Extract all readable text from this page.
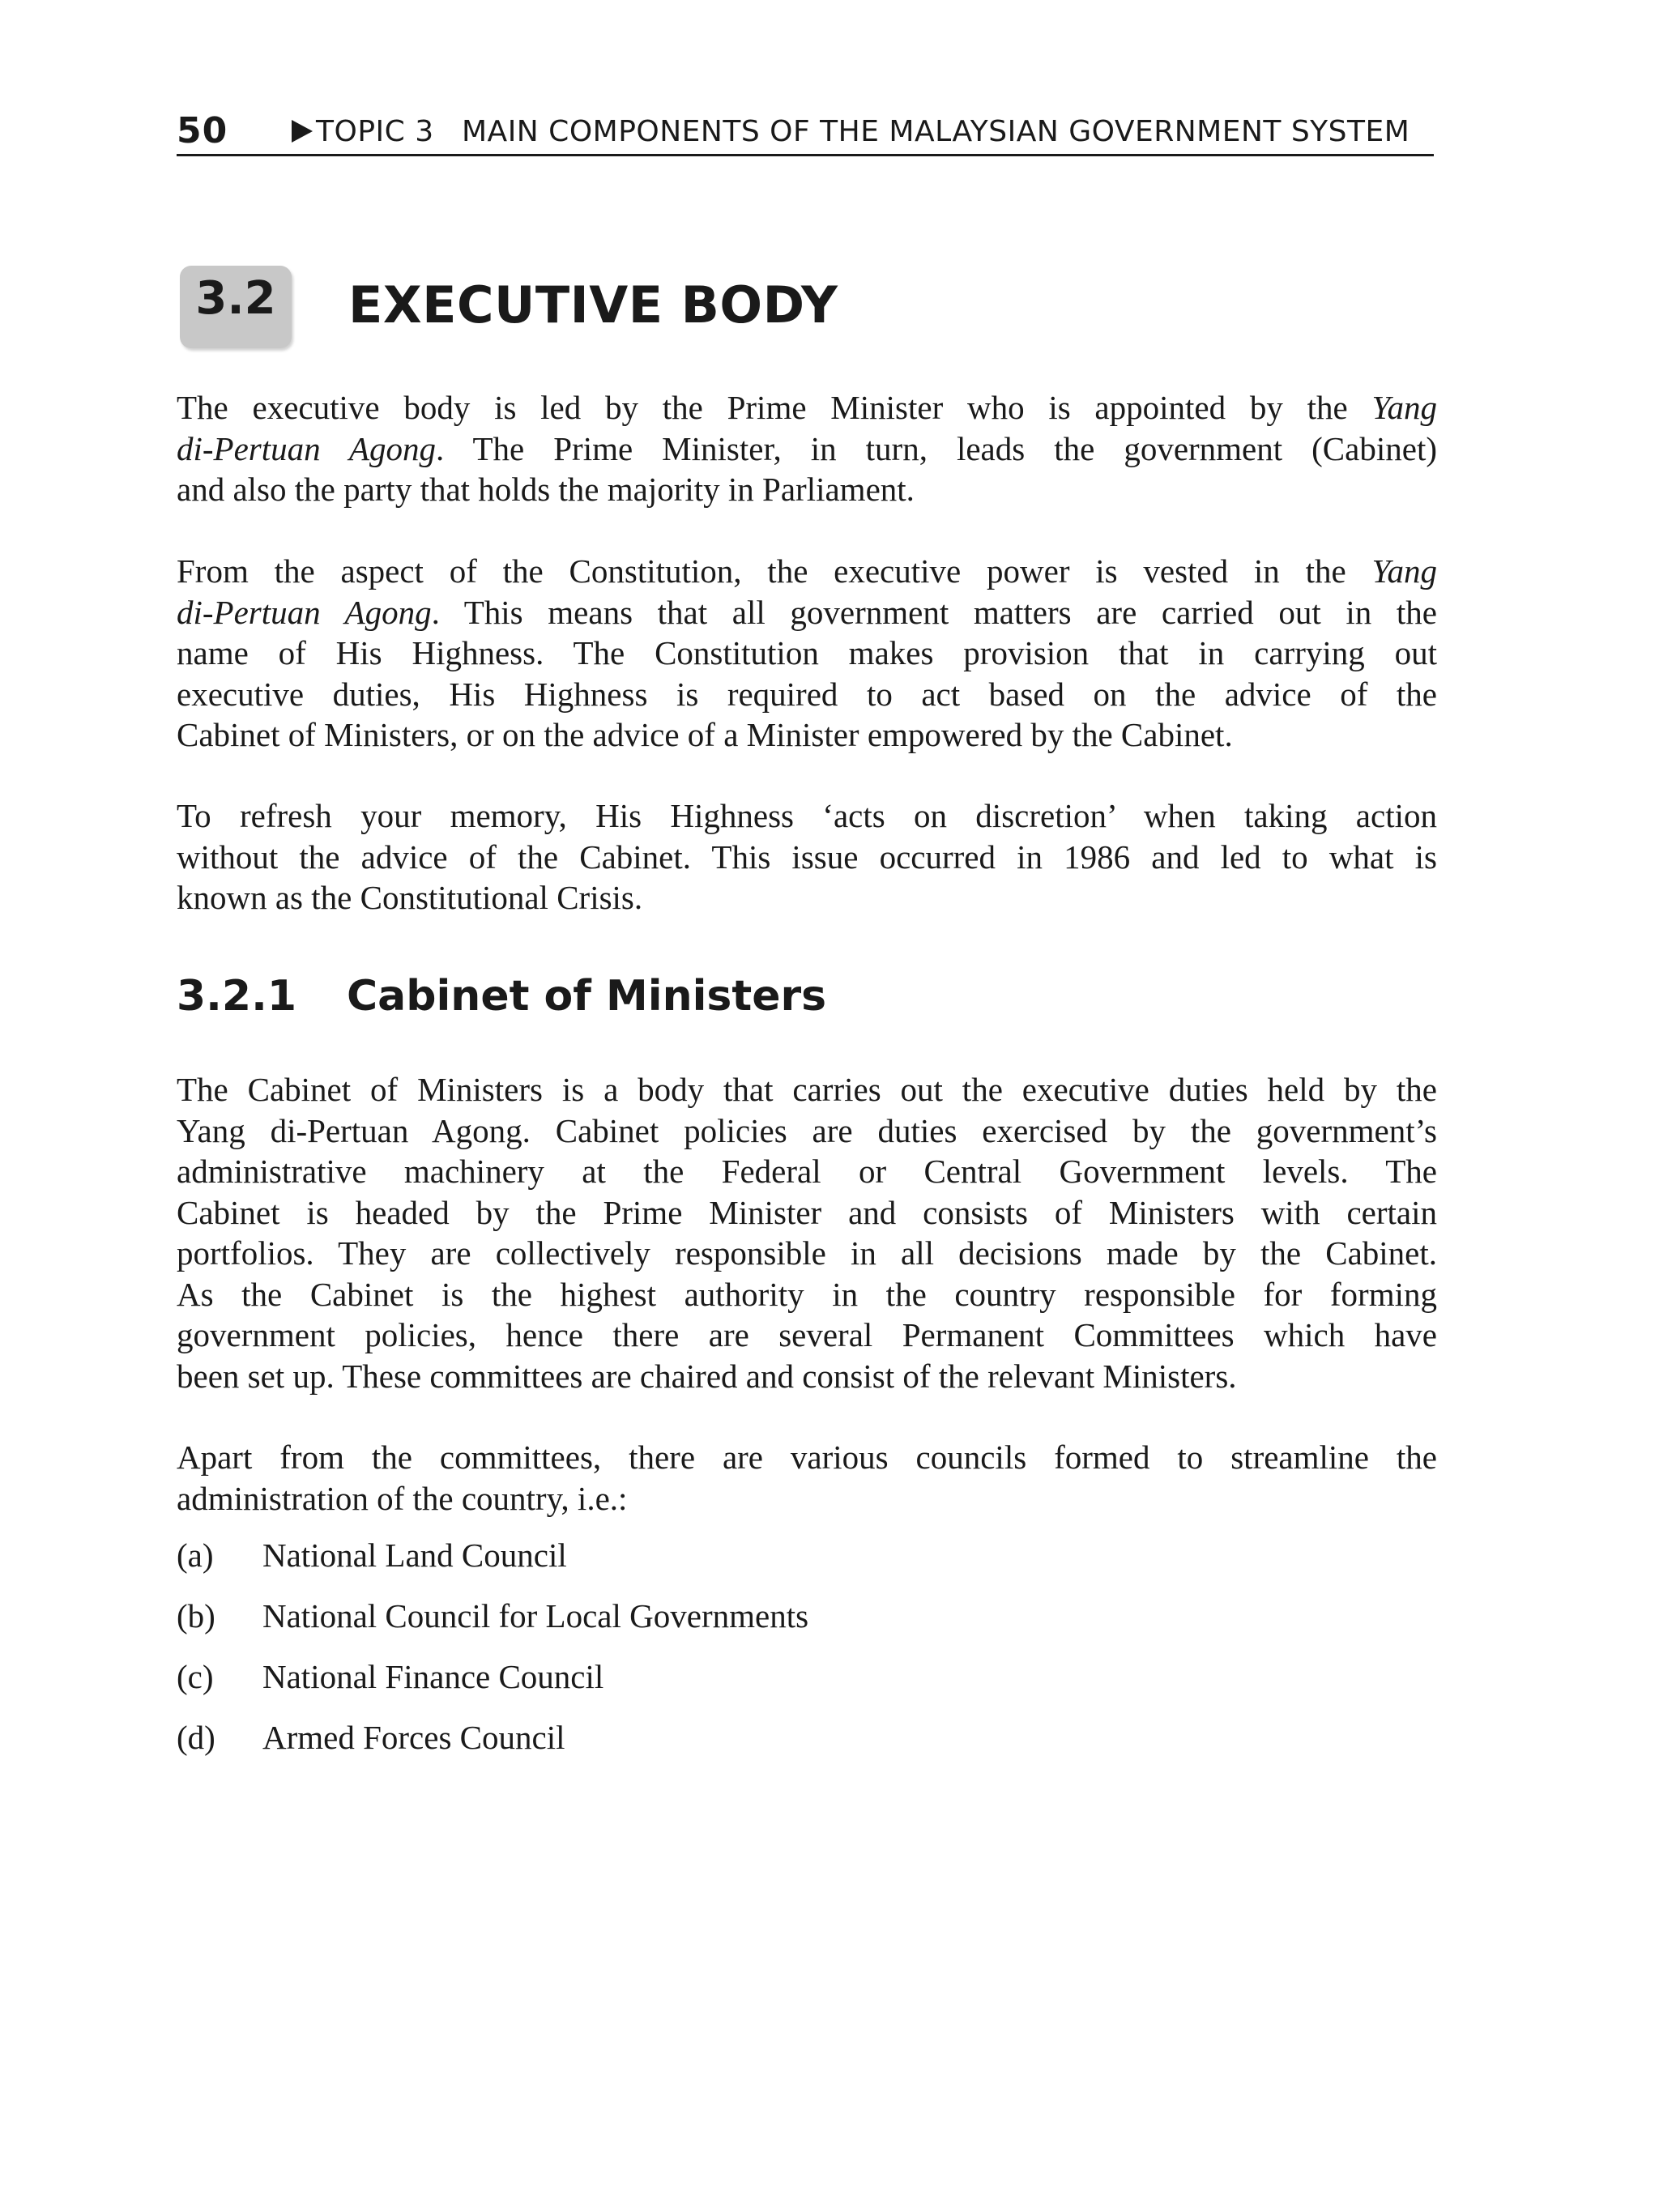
50	TOPIC 3 MAIN COMPONENTS OF THE MALAYSIAN GOVERNMENT SYSTEM
3.2	EXECUTIVE BODY
The executive body is led by the Prime Minister who is appointed by the Yang
di-Pertuan Agong. The Prime Minister, in turn, leads the government (Cabinet)
and also the party that holds the majority in Parliament.
From the aspect of the Constitution, the executive power is vested in the Yang
di-Pertuan Agong. This means that all government matters are carried out in the
name of His Highness. The Constitution makes provision that in carrying out
executive duties, His Highness is required to act based on the advice of the
Cabinet of Ministers, or on the advice of a Minister empowered by the Cabinet.
To refresh your memory, His Highness ‘acts on discretion’ when taking action
without the advice of the Cabinet. This issue occurred in 1986 and led to what is
known as the Constitutional Crisis.
3.2.1 Cabinet of Ministers
The Cabinet of Ministers is a body that carries out the executive duties held by the
Yang di-Pertuan Agong. Cabinet policies are duties exercised by the government’s
administrative machinery at the Federal or Central Government levels. The
Cabinet is headed by the Prime Minister and consists of Ministers with certain
portfolios. They are collectively responsible in all decisions made by the Cabinet.
As the Cabinet is the highest authority in the country responsible for forming
government policies, hence there are several Permanent Committees which have
been set up. These committees are chaired and consist of the relevant Ministers.
Apart from the committees, there are various councils formed to streamline the
administration of the country, i.e.:
(a) National Land Council
(b) National Council for Local Governments
(c) National Finance Council
(d) Armed Forces Council
